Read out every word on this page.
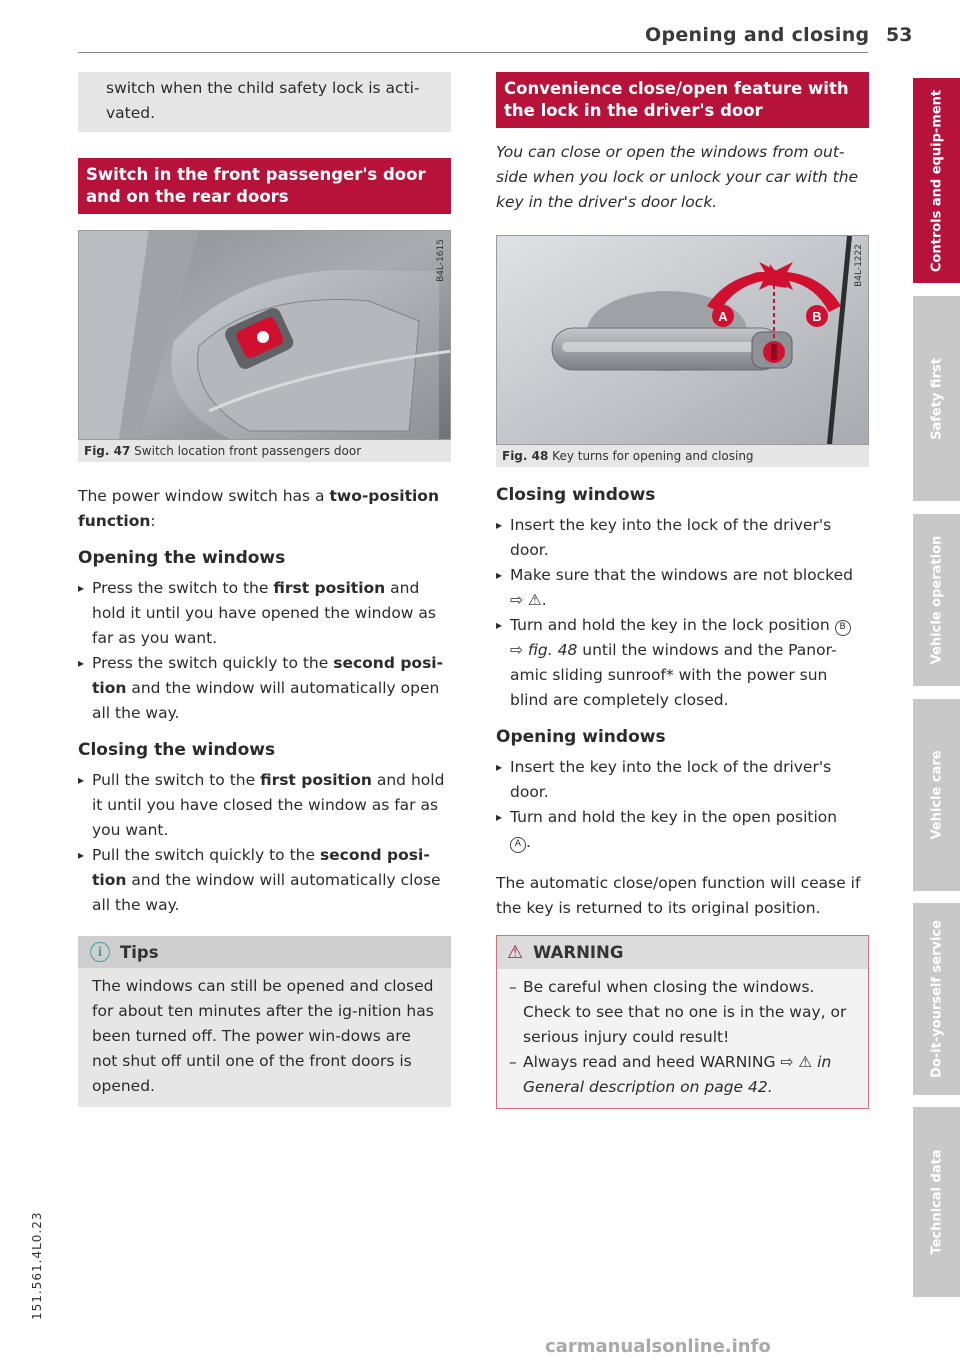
Opening and closing 53
switch when the child safety lock is acti-vated.
Switch in the front passenger's door and on the rear doors
B4L-1615
Fig. 47 Switch location front passengers door

The power window switch has a two-position function:

Opening the windows
▸ Press the switch to the first position and hold it until you have opened the window as far as you want.
▸ Press the switch quickly to the second posi-tion and the window will automatically open all the way.
Closing the windows
▸ Pull the switch to the first position and hold it until you have closed the window as far as you want.
▸ Pull the switch quickly to the second posi-tion and the window will automatically close all the way.
i	Tips

The windows can still be opened and closed for about ten minutes after the ig-nition has been turned off. The power win-dows are not shut off until one of the front doors is opened.

Convenience close/open feature with the lock in the driver's door

You can close or open the windows from out-side when you lock or unlock your car with the key in the driver's door lock.

A	B
B4L-1222
Fig. 48 Key turns for opening and closing
Closing windows
▸ Insert the key into the lock of the driver's door.
▸ Make sure that the windows are not blocked
⇨ ⚠.
▸ Turn and hold the key in the lock position B
⇨ fig. 48 until the windows and the Panor-amic sliding sunroof* with the power sun blind are completely closed.
Opening windows
▸ Insert the key into the lock of the driver's door.
▸ Turn and hold the key in the open position
A .

The automatic close/open function will cease if the key is returned to its original position.

⚠ WARNING
– Be careful when closing the windows. Check to see that no one is in the way, or serious injury could result!
– Always read and heed WARNING ⇨ ⚠ in General description on page 42.
Controls and equip-ment
Safety first
Vehicle operation
Vehicle care
Do-it-yourself service
Technical data
151.561.4L0.23
carmanualsonline.info
